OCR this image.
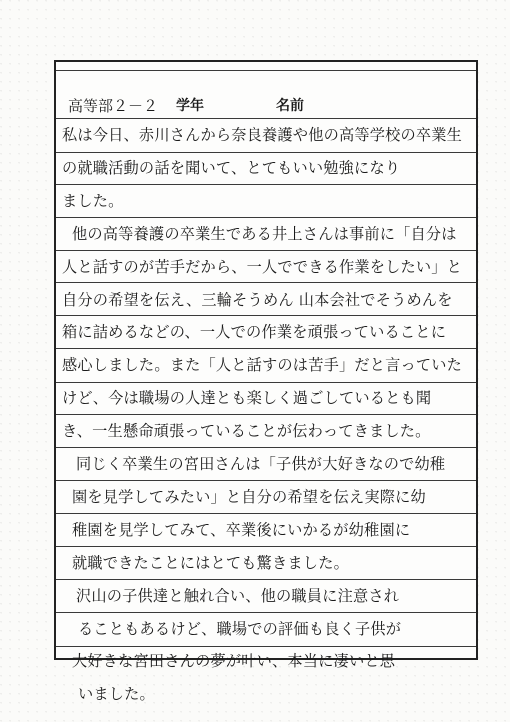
高等部２－２ 学年	名前
私は今日、赤川さんから奈良養護や他の高等学校の卒業生
の就職活動の話を聞いて、とてもいい勉強になり
ました。
他の高等養護の卒業生である井上さんは事前に「自分は
人と話すのが苦手だから、一人でできる作業をしたい」と
自分の希望を伝え、三輪そうめん 山本会社でそうめんを
箱に詰めるなどの、一人での作業を頑張っていることに
感心しました。また「人と話すのは苦手」だと言っていた
けど、今は職場の人達とも楽しく過ごしているとも聞
き、一生懸命頑張っていることが伝わってきました。
同じく卒業生の宮田さんは「子供が大好きなので幼稚
園を見学してみたい」と自分の希望を伝え実際に幼
稚園を見学してみて、卒業後にいかるが幼稚園に
就職できたことにはとても驚きました。
沢山の子供達と触れ合い、他の職員に注意され
ることもあるけど、職場での評価も良く子供が
大好きな宮田さんの夢が叶い、本当に凄いと思
いました。
